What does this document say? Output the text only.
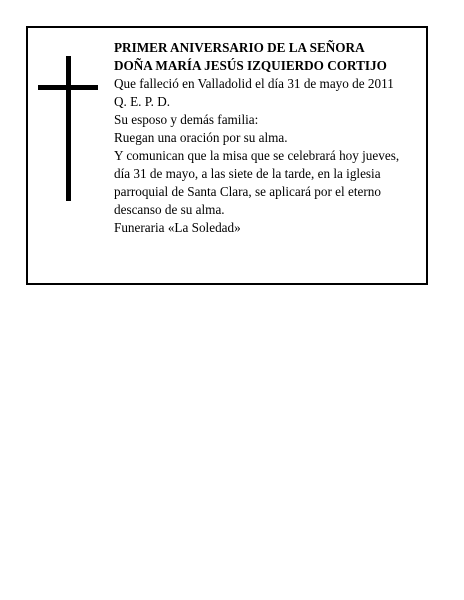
PRIMER ANIVERSARIO DE LA SEÑORA
DOÑA MARÍA JESÚS IZQUIERDO CORTIJO
Que falleció en Valladolid el día 31 de mayo de 2011
Q. E. P. D.
Su esposo y demás familia:
Ruegan una oración por su alma.
Y comunican que la misa que se celebrará hoy jueves,
día 31 de mayo, a las siete de la tarde, en la iglesia
parroquial de Santa Clara, se aplicará por el eterno
descanso de su alma.
Funeraria «La Soledad»
